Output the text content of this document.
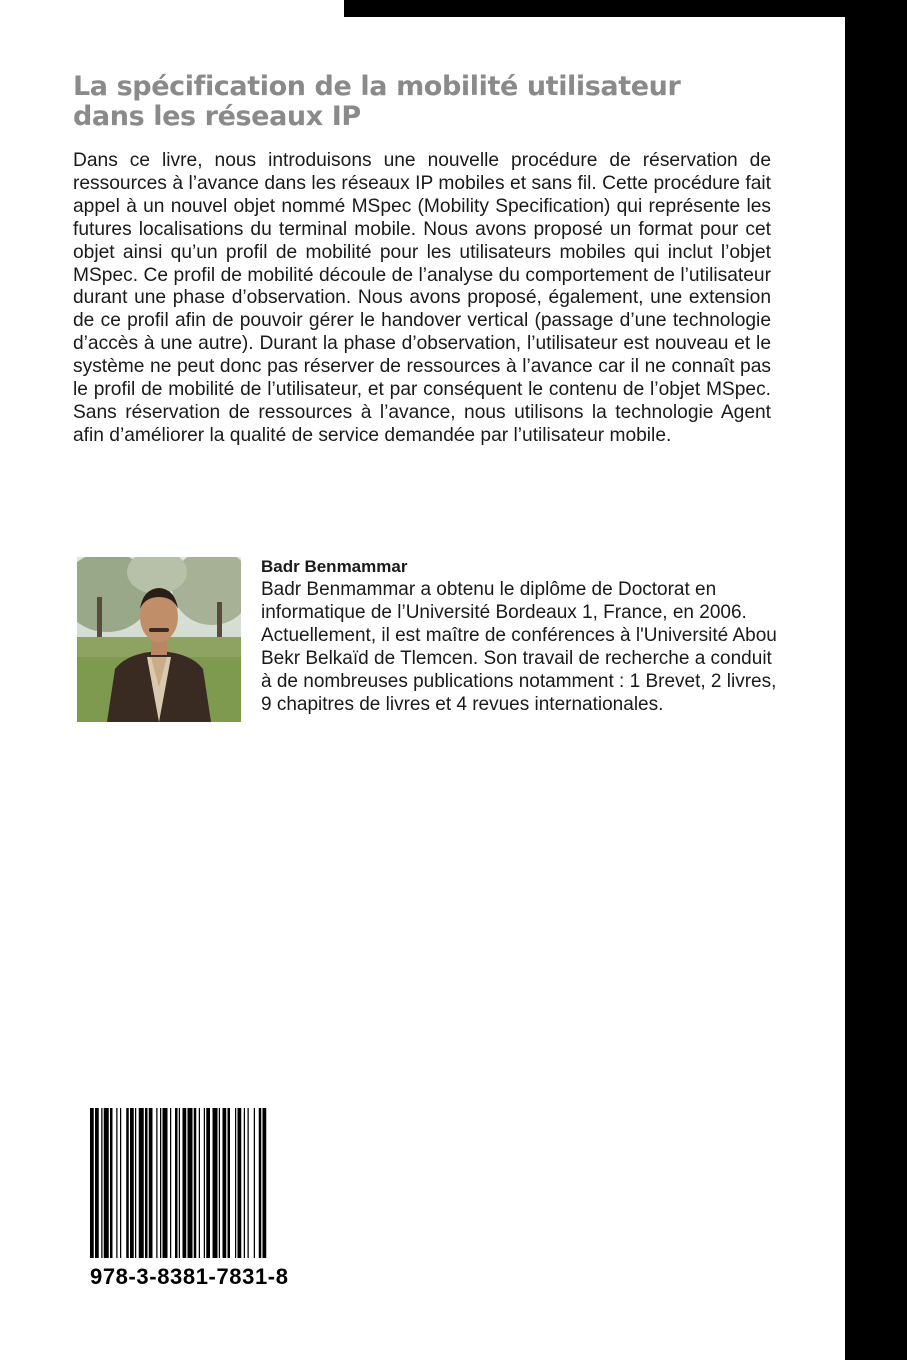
La spécification de la mobilité utilisateur
dans les réseaux IP

Dans ce livre, nous introduisons une nouvelle procédure de réservation de ressources à l’avance dans les réseaux IP mobiles et sans fil. Cette procédure fait appel à un nouvel objet nommé MSpec (Mobility Specification) qui représente les futures localisations du terminal mobile. Nous avons proposé un format pour cet objet ainsi qu’un profil de mobilité pour les utilisateurs mobiles qui inclut l’objet MSpec. Ce profil de mobilité découle de l’analyse du comportement de l’utilisateur durant une phase d’observation. Nous avons proposé, également, une extension de ce profil afin de pouvoir gérer le handover vertical (passage d’une technologie d’accès à une autre). Durant la phase d’observation, l’utilisateur est nouveau et le système ne peut donc pas réserver de ressources à l’avance car il ne connaît pas le profil de mobilité de l’utilisateur, et par conséquent le contenu de l’objet MSpec. Sans réservation de ressources à l’avance, nous utilisons la technologie Agent afin d’améliorer la qualité de service demandée par l’utilisateur mobile.

Badr Benmammar

Badr Benmammar a obtenu le diplôme de Doctorat en informatique de l’Université Bordeaux 1, France, en 2006. Actuellement, il est maître de conférences à l'Université Abou Bekr Belkaïd de Tlemcen. Son travail de recherche a conduit à de nombreuses publications notamment : 1 Brevet, 2 livres, 9 chapitres de livres et 4 revues internationales.

978-3-8381-7831-8
